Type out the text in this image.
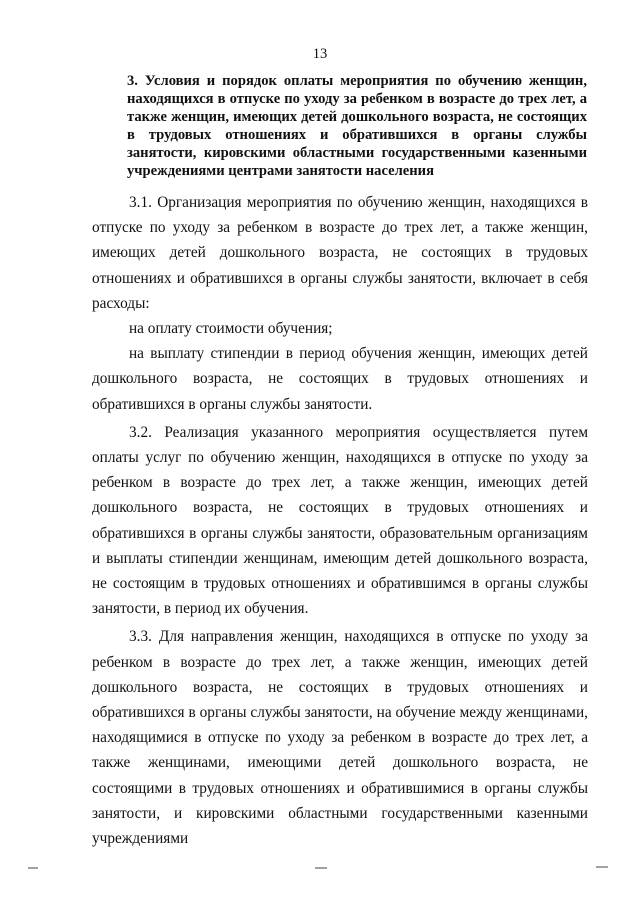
13

3. Условия и порядок оплаты мероприятия по обучению женщин, находящихся в отпуске по уходу за ребенком в возрасте до трех лет, а также женщин, имеющих детей дошкольного возраста, не состоящих в трудовых отношениях и обратившихся в органы службы занятости, кировскими областными государственными казенными учреждениями центрами занятости населения

3.1. Организация мероприятия по обучению женщин, находящихся в отпуске по уходу за ребенком в возрасте до трех лет, а также женщин, имеющих детей дошкольного возраста, не состоящих в трудовых отношениях и обратившихся в органы службы занятости, включает в себя расходы:

на оплату стоимости обучения;

на выплату стипендии в период обучения женщин, имеющих детей дошкольного возраста, не состоящих в трудовых отношениях и обратившихся в органы службы занятости.

3.2. Реализация указанного мероприятия осуществляется путем оплаты услуг по обучению женщин, находящихся в отпуске по уходу за ребенком в возрасте до трех лет, а также женщин, имеющих детей дошкольного возраста, не состоящих в трудовых отношениях и обратившихся в органы службы занятости, образовательным организациям и выплаты стипендии женщинам, имеющим детей дошкольного возраста, не состоящим в трудовых отношениях и обратившимся в органы службы занятости, в период их обучения.

3.3. Для направления женщин, находящихся в отпуске по уходу за ребенком в возрасте до трех лет, а также женщин, имеющих детей дошкольного возраста, не состоящих в трудовых отношениях и обратившихся в органы службы занятости, на обучение между женщинами, находящимися в отпуске по уходу за ребенком в возрасте до трех лет, а также женщинами, имеющими детей дошкольного возраста, не состоящими в трудовых отношениях и обратившимися в органы службы занятости, и кировскими областными государственными казенными учреждениями
